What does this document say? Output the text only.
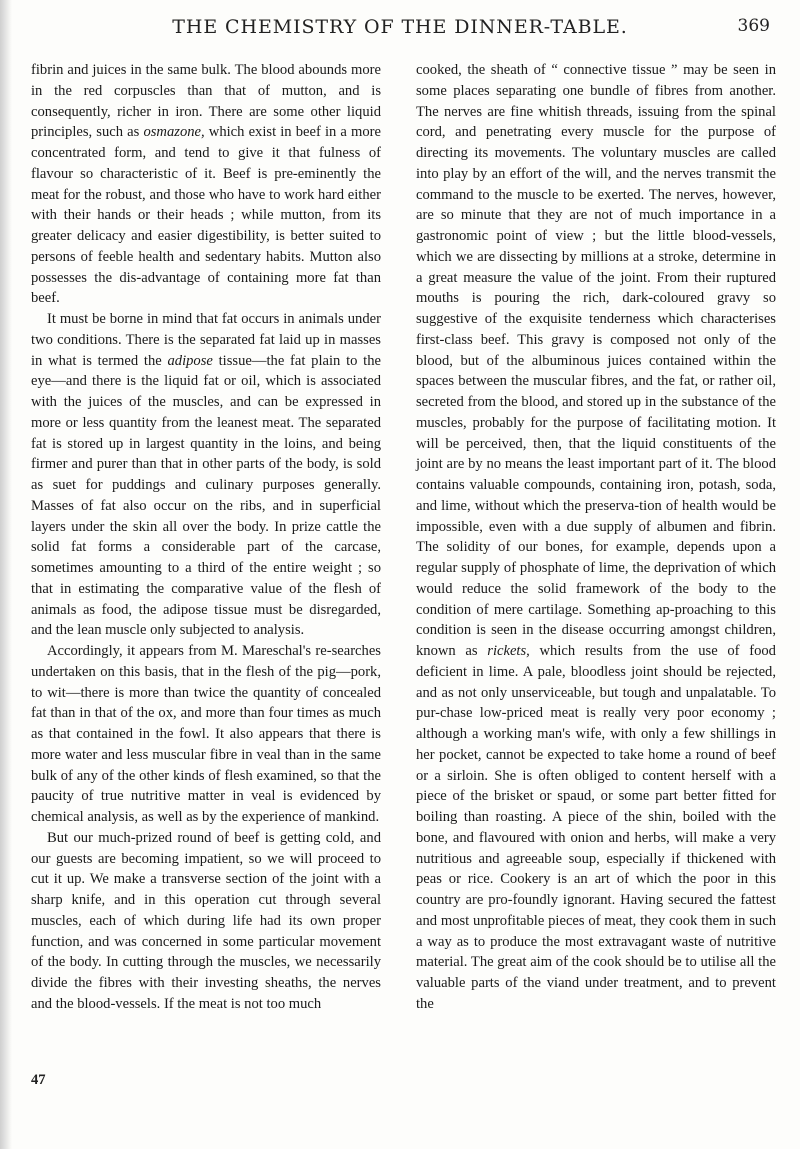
THE CHEMISTRY OF THE DINNER-TABLE.	369

fibrin and juices in the same bulk. The blood abounds more in the red corpuscles than that of mutton, and is consequently, richer in iron. There are some other liquid principles, such as osmazone, which exist in beef in a more concentrated form, and tend to give it that fulness of flavour so characteristic of it. Beef is pre-eminently the meat for the robust, and those who have to work hard either with their hands or their heads ; while mutton, from its greater delicacy and easier digestibility, is better suited to persons of feeble health and sedentary habits. Mutton also possesses the dis-advantage of containing more fat than beef.

It must be borne in mind that fat occurs in animals under two conditions. There is the separated fat laid up in masses in what is termed the adipose tissue—the fat plain to the eye—and there is the liquid fat or oil, which is associated with the juices of the muscles, and can be expressed in more or less quantity from the leanest meat. The separated fat is stored up in largest quantity in the loins, and being firmer and purer than that in other parts of the body, is sold as suet for puddings and culinary purposes generally. Masses of fat also occur on the ribs, and in superficial layers under the skin all over the body. In prize cattle the solid fat forms a considerable part of the carcase, sometimes amounting to a third of the entire weight ; so that in estimating the comparative value of the flesh of animals as food, the adipose tissue must be disregarded, and the lean muscle only subjected to analysis.

Accordingly, it appears from M. Mareschal's re-searches undertaken on this basis, that in the flesh of the pig—pork, to wit—there is more than twice the quantity of concealed fat than in that of the ox, and more than four times as much as that contained in the fowl. It also appears that there is more water and less muscular fibre in veal than in the same bulk of any of the other kinds of flesh examined, so that the paucity of true nutritive matter in veal is evidenced by chemical analysis, as well as by the experience of mankind.

But our much-prized round of beef is getting cold, and our guests are becoming impatient, so we will proceed to cut it up. We make a transverse section of the joint with a sharp knife, and in this operation cut through several muscles, each of which during life had its own proper function, and was concerned in some particular movement of the body. In cutting through the muscles, we necessarily divide the fibres with their investing sheaths, the nerves and the blood-vessels. If the meat is not too much

47

cooked, the sheath of “ connective tissue ” may be seen in some places separating one bundle of fibres from another. The nerves are fine whitish threads, issuing from the spinal cord, and penetrating every muscle for the purpose of directing its movements. The voluntary muscles are called into play by an effort of the will, and the nerves transmit the command to the muscle to be exerted. The nerves, however, are so minute that they are not of much importance in a gastronomic point of view ; but the little blood-vessels, which we are dissecting by millions at a stroke, determine in a great measure the value of the joint. From their ruptured mouths is pouring the rich, dark-coloured gravy so suggestive of the exquisite tenderness which characterises first-class beef. This gravy is composed not only of the blood, but of the albuminous juices contained within the spaces between the muscular fibres, and the fat, or rather oil, secreted from the blood, and stored up in the substance of the muscles, probably for the purpose of facilitating motion. It will be perceived, then, that the liquid constituents of the joint are by no means the least important part of it. The blood contains valuable compounds, containing iron, potash, soda, and lime, without which the preserva-tion of health would be impossible, even with a due supply of albumen and fibrin. The solidity of our bones, for example, depends upon a regular supply of phosphate of lime, the deprivation of which would reduce the solid framework of the body to the condition of mere cartilage. Something ap-proaching to this condition is seen in the disease occurring amongst children, known as rickets, which results from the use of food deficient in lime. A pale, bloodless joint should be rejected, and as not only unserviceable, but tough and unpalatable. To pur-chase low-priced meat is really very poor economy ; although a working man's wife, with only a few shillings in her pocket, cannot be expected to take home a round of beef or a sirloin. She is often obliged to content herself with a piece of the brisket or spaud, or some part better fitted for boiling than roasting. A piece of the shin, boiled with the bone, and flavoured with onion and herbs, will make a very nutritious and agreeable soup, especially if thickened with peas or rice. Cookery is an art of which the poor in this country are pro-foundly ignorant. Having secured the fattest and most unprofitable pieces of meat, they cook them in such a way as to produce the most extravagant waste of nutritive material. The great aim of the cook should be to utilise all the valuable parts of the viand under treatment, and to prevent the
